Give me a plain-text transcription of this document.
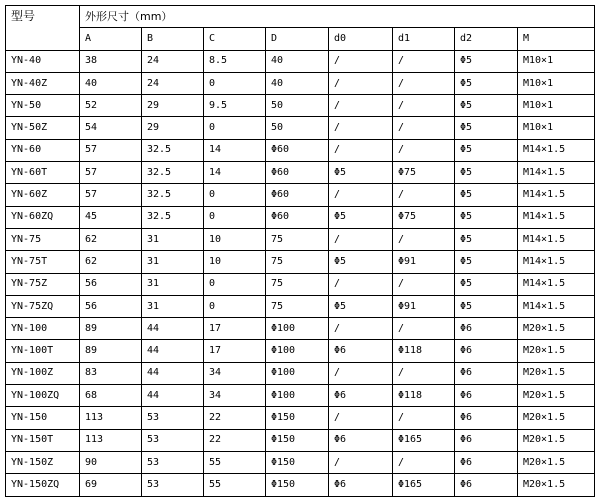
型号	外形尺寸（mm）							
	A	B	C	D	d0	d1	d2	M
YN-40	38	24	8.5	40	/	/	Φ5	M10×1
YN-40Z	40	24	0	40	/	/	Φ5	M10×1
YN-50	52	29	9.5	50	/	/	Φ5	M10×1
YN-50Z	54	29	0	50	/	/	Φ5	M10×1
YN-60	57	32.5	14	Φ60	/	/	Φ5	M14×1.5
YN-60T	57	32.5	14	Φ60	Φ5	Φ75	Φ5	M14×1.5
YN-60Z	57	32.5	0	Φ60	/	/	Φ5	M14×1.5
YN-60ZQ	45	32.5	0	Φ60	Φ5	Φ75	Φ5	M14×1.5
YN-75	62	31	10	75	/	/	Φ5	M14×1.5
YN-75T	62	31	10	75	Φ5	Φ91	Φ5	M14×1.5
YN-75Z	56	31	0	75	/	/	Φ5	M14×1.5
YN-75ZQ	56	31	0	75	Φ5	Φ91	Φ5	M14×1.5
YN-100	89	44	17	Φ100	/	/	Φ6	M20×1.5
YN-100T	89	44	17	Φ100	Φ6	Φ118	Φ6	M20×1.5
YN-100Z	83	44	34	Φ100	/	/	Φ6	M20×1.5
YN-100ZQ	68	44	34	Φ100	Φ6	Φ118	Φ6	M20×1.5
YN-150	113	53	22	Φ150	/	/	Φ6	M20×1.5
YN-150T	113	53	22	Φ150	Φ6	Φ165	Φ6	M20×1.5
YN-150Z	90	53	55	Φ150	/	/	Φ6	M20×1.5
YN-150ZQ	69	53	55	Φ150	Φ6	Φ165	Φ6	M20×1.5
